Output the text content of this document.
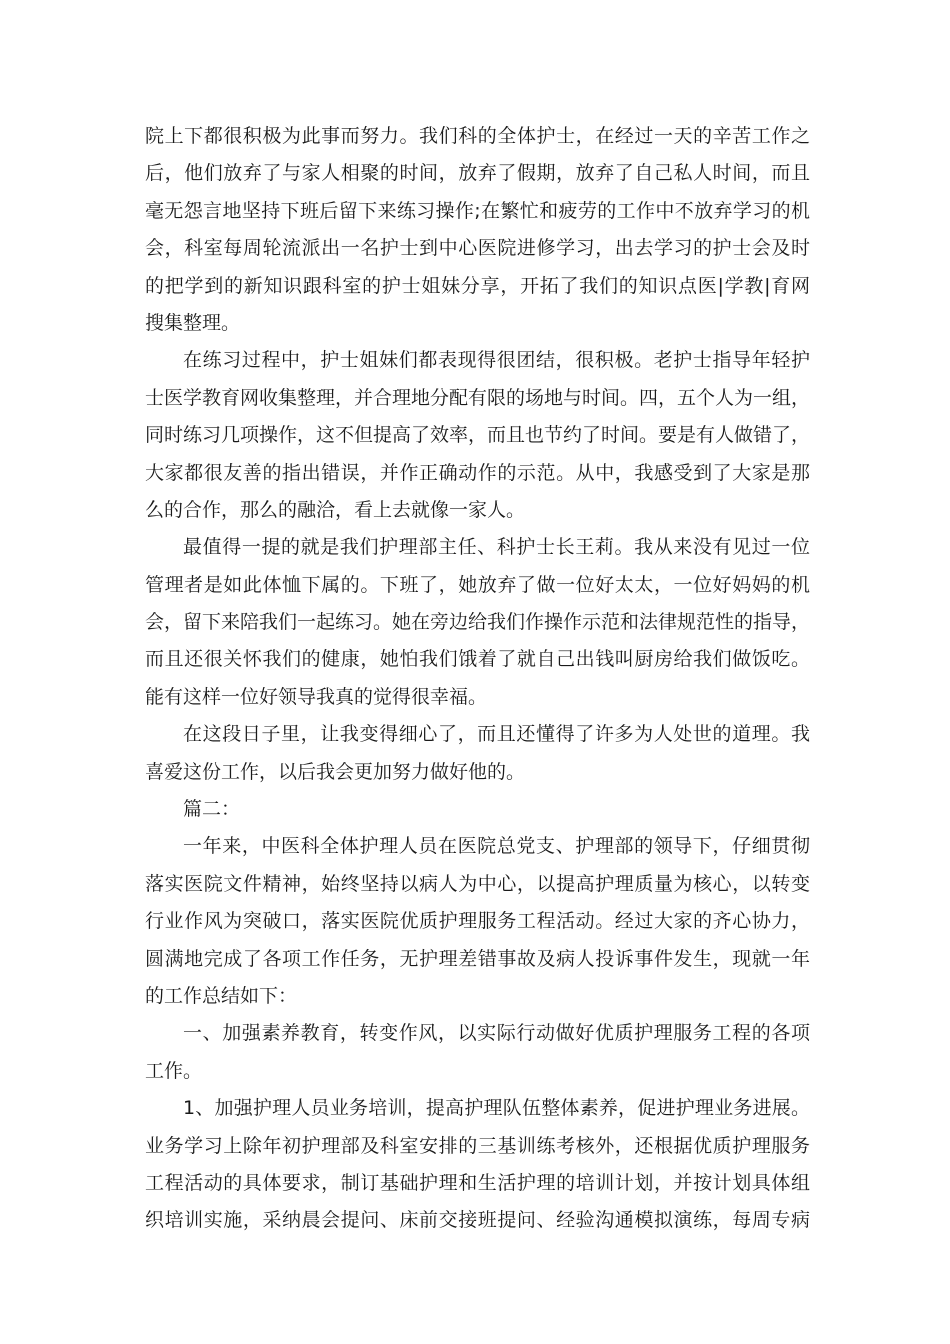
院上下都很积极为此事而努力。我们科的全体护士，在经过一天的辛苦工作之
后，他们放弃了与家人相聚的时间，放弃了假期，放弃了自己私人时间，而且
毫无怨言地坚持下班后留下来练习操作;在繁忙和疲劳的工作中不放弃学习的机
会，科室每周轮流派出一名护士到中心医院进修学习，出去学习的护士会及时
的把学到的新知识跟科室的护士姐妹分享，开拓了我们的知识点医|学教|育网
搜集整理。
在练习过程中，护士姐妹们都表现得很团结，很积极。老护士指导年轻护
士医学教育网收集整理，并合理地分配有限的场地与时间。四，五个人为一组，
同时练习几项操作，这不但提高了效率，而且也节约了时间。要是有人做错了，
大家都很友善的指出错误，并作正确动作的示范。从中，我感受到了大家是那
么的合作，那么的融洽，看上去就像一家人。
最值得一提的就是我们护理部主任、科护士长王莉。我从来没有见过一位
管理者是如此体恤下属的。下班了，她放弃了做一位好太太，一位好妈妈的机
会，留下来陪我们一起练习。她在旁边给我们作操作示范和法律规范性的指导，
而且还很关怀我们的健康，她怕我们饿着了就自己出钱叫厨房给我们做饭吃。
能有这样一位好领导我真的觉得很幸福。
在这段日子里，让我变得细心了，而且还懂得了许多为人处世的道理。我
喜爱这份工作，以后我会更加努力做好他的。
篇二：
一年来，中医科全体护理人员在医院总党支、护理部的领导下，仔细贯彻
落实医院文件精神，始终坚持以病人为中心，以提高护理质量为核心，以转变
行业作风为突破口，落实医院优质护理服务工程活动。经过大家的齐心协力，
圆满地完成了各项工作任务，无护理差错事故及病人投诉事件发生，现就一年
的工作总结如下：
一、加强素养教育，转变作风，以实际行动做好优质护理服务工程的各项
工作。
1、加强护理人员业务培训，提高护理队伍整体素养，促进护理业务进展。
业务学习上除年初护理部及科室安排的三基训练考核外，还根据优质护理服务
工程活动的具体要求，制订基础护理和生活护理的培训计划，并按计划具体组
织培训实施，采纳晨会提问、床前交接班提问、经验沟通模拟演练，每周专病
